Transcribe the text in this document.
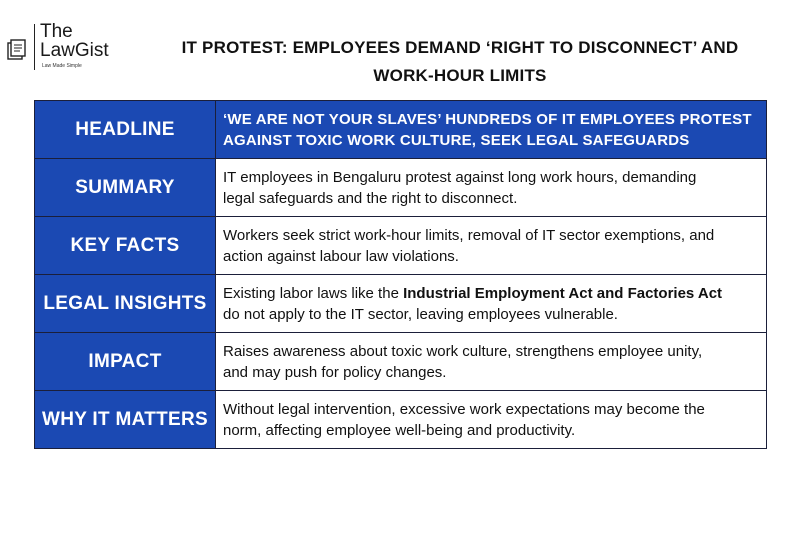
The
LawGist
Law Made Simple
IT PROTEST: EMPLOYEES DEMAND ‘RIGHT TO DISCONNECT’ AND
WORK-HOUR LIMITS
HEADLINE	‘WE ARE NOT YOUR SLAVES’ HUNDREDS OF IT EMPLOYEES PROTEST
AGAINST TOXIC WORK CULTURE, SEEK LEGAL SAFEGUARDS

SUMMARY	IT employees in Bengaluru protest against long work hours, demanding
legal safeguards and the right to disconnect.

KEY FACTS	Workers seek strict work-hour limits, removal of IT sector exemptions, and
action against labour law violations.

LEGAL INSIGHTS	Existing labor laws like the Industrial Employment Act and Factories Act
do not apply to the IT sector, leaving employees vulnerable.

IMPACT	Raises awareness about toxic work culture, strengthens employee unity,
and may push for policy changes.

WHY IT MATTERS	Without legal intervention, excessive work expectations may become the
norm, affecting employee well-being and productivity.
